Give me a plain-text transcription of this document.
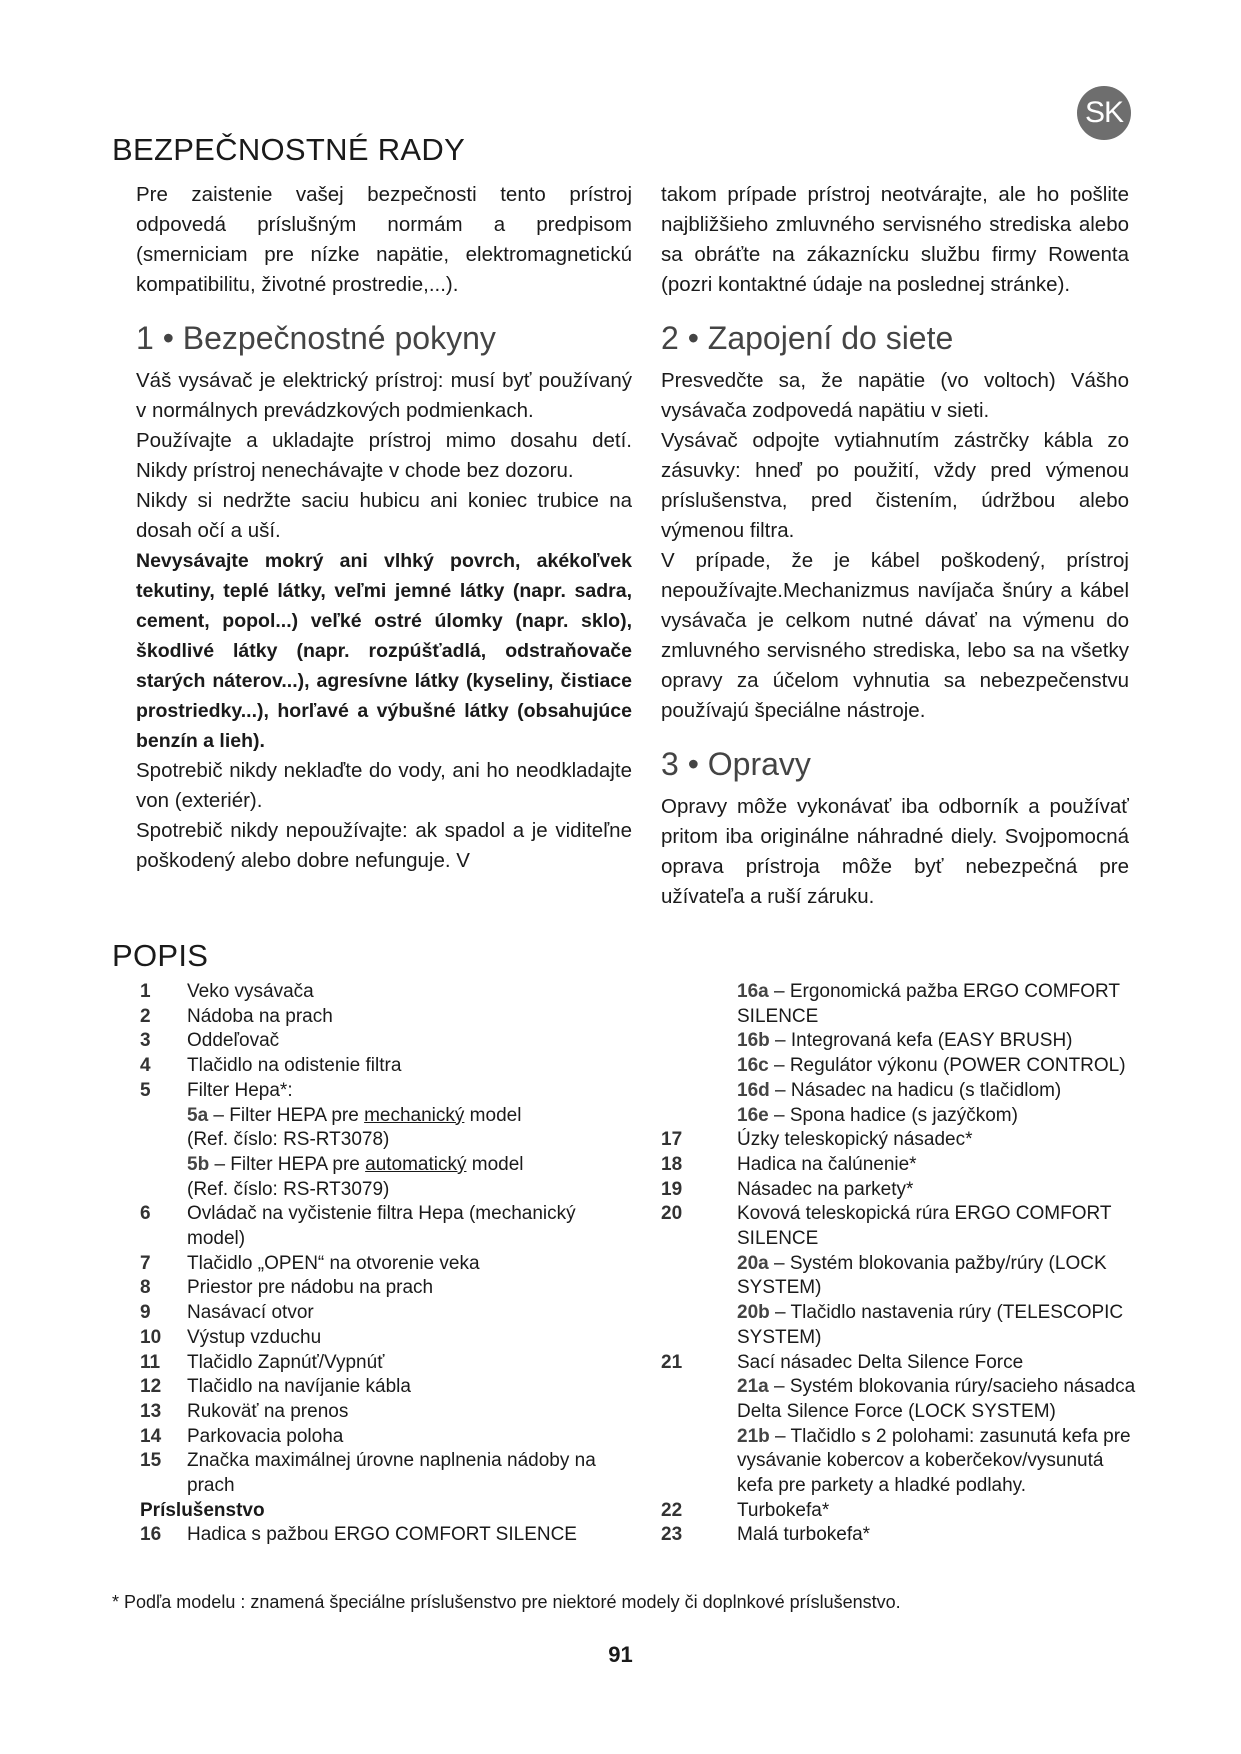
SK
BEZPEČNOSTNÉ RADY

Pre zaistenie vašej bezpečnosti tento prístroj odpovedá príslušným normám a predpisom (smerniciam pre nízke napätie, elektromagnetickú kompatibilitu, životné prostredie,...).

1 • Bezpečnostné pokyny

Váš vysávač je elektrický prístroj: musí byť používaný v normálnych prevádzkových podmienkach.

Používajte a ukladajte prístroj mimo dosahu detí. Nikdy prístroj nenechávajte v chode bez dozoru.

Nikdy si nedržte saciu hubicu ani koniec trubice na dosah očí a uší.

Nevysávajte mokrý ani vlhký povrch, akékoľvek tekutiny, teplé látky, veľmi jemné látky (napr. sadra, cement, popol...) veľké ostré úlomky (napr. sklo), škodlivé látky (napr. rozpúšťadlá, odstraňovače starých náterov...), agresívne látky (kyseliny, čistiace prostriedky...), horľavé a výbušné látky (obsahujúce benzín a lieh).

Spotrebič nikdy neklaďte do vody, ani ho neodkladajte von (exteriér).

Spotrebič nikdy nepoužívajte: ak spadol a je viditeľne poškodený alebo dobre nefunguje. V

takom prípade prístroj neotvárajte, ale ho pošlite najbližšieho zmluvného servisného strediska alebo sa obráťte na zákaznícku službu firmy Rowenta (pozri kontaktné údaje na poslednej stránke).

2 • Zapojení do siete

Presvedčte sa, že napätie (vo voltoch) Vášho vysávača zodpovedá napätiu v sieti.

Vysávač odpojte vytiahnutím zástrčky kábla zo zásuvky: hneď po použití, vždy pred výmenou príslušenstva, pred čistením, údržbou alebo výmenou filtra.

V prípade, že je kábel poškodený, prístroj nepoužívajte.Mechanizmus navíjača šnúry a kábel vysávača je celkom nutné dávať na výmenu do zmluvného servisného strediska, lebo sa na všetky opravy za účelom vyhnutia sa nebezpečenstvu používajú špeciálne nástroje.

3 • Opravy

Opravy môže vykonávať iba odborník a používať pritom iba originálne náhradné diely. Svojpomocná oprava prístroja môže byť nebezpečná pre užívateľa a ruší záruku.

POPIS
1	Veko vysávača
2	Nádoba na prach
3	Oddeľovač
4	Tlačidlo na odistenie filtra
5	Filter Hepa*:
5a – Filter HEPA pre mechanický model
(Ref. číslo: RS-RT3078)
5b – Filter HEPA pre automatický model
(Ref. číslo: RS-RT3079)
6	Ovládač na vyčistenie filtra Hepa (mechanický model)
7	Tlačidlo „OPEN“ na otvorenie veka
8	Priestor pre nádobu na prach
9	Nasávací otvor
10	Výstup vzduchu
11	Tlačidlo Zapnúť/Vypnúť
12	Tlačidlo na navíjanie kábla
13	Rukoväť na prenos
14	Parkovacia poloha
15	Značka maximálnej úrovne naplnenia nádoby na prach
Príslušenstvo
16	Hadica s pažbou ERGO COMFORT SILENCE
16a – Ergonomická pažba ERGO COMFORT SILENCE
16b – Integrovaná kefa (EASY BRUSH)
16c – Regulátor výkonu (POWER CONTROL)
16d – Násadec na hadicu (s tlačidlom)
16e – Spona hadice (s jazýčkom)
17	Úzky teleskopický násadec*
18	Hadica na čalúnenie*
19	Násadec na parkety*
20	Kovová teleskopická rúra ERGO COMFORT SILENCE
20a – Systém blokovania pažby/rúry (LOCK SYSTEM)
20b – Tlačidlo nastavenia rúry (TELESCOPIC SYSTEM)
21	Sací násadec Delta Silence Force
21a – Systém blokovania rúry/sacieho násadca Delta Silence Force (LOCK SYSTEM)
21b – Tlačidlo s 2 polohami: zasunutá kefa pre vysávanie kobercov a koberčekov/vysunutá kefa pre parkety a hladké podlahy.
22	Turbokefa*
23	Malá turbokefa*
* Podľa modelu : znamená špeciálne príslušenstvo pre niektoré modely či doplnkové príslušenstvo.
91
